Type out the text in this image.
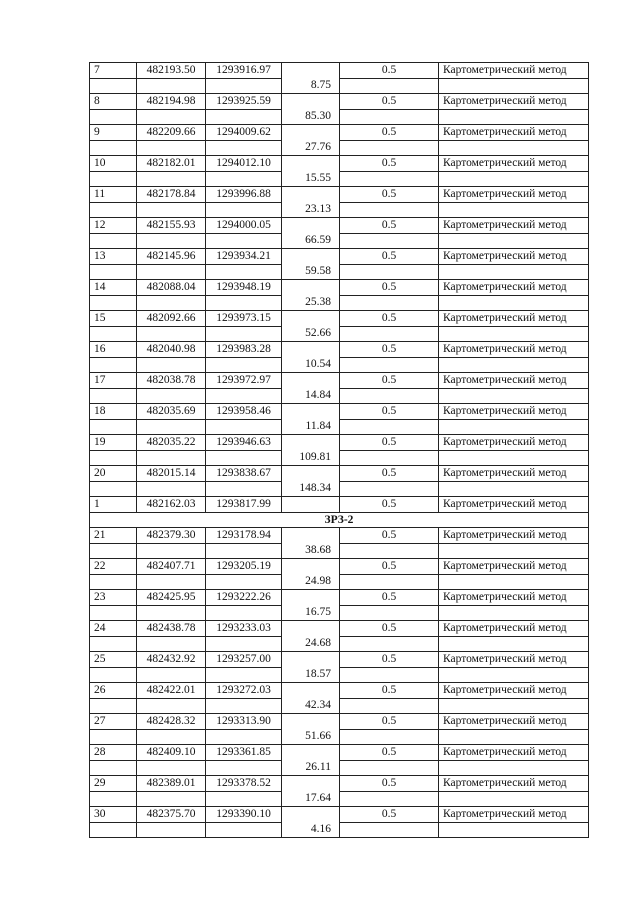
7	482193.50	1293916.97		0.5	Картометрический метод
			8.75		
8	482194.98	1293925.59		0.5	Картометрический метод
			85.30		
9	482209.66	1294009.62		0.5	Картометрический метод
			27.76		
10	482182.01	1294012.10		0.5	Картометрический метод
			15.55		
11	482178.84	1293996.88		0.5	Картометрический метод
			23.13		
12	482155.93	1294000.05		0.5	Картометрический метод
			66.59		
13	482145.96	1293934.21		0.5	Картометрический метод
			59.58		
14	482088.04	1293948.19		0.5	Картометрический метод
			25.38		
15	482092.66	1293973.15		0.5	Картометрический метод
			52.66		
16	482040.98	1293983.28		0.5	Картометрический метод
			10.54		
17	482038.78	1293972.97		0.5	Картометрический метод
			14.84		
18	482035.69	1293958.46		0.5	Картометрический метод
			11.84		
19	482035.22	1293946.63		0.5	Картометрический метод
			109.81		
20	482015.14	1293838.67		0.5	Картометрический метод
			148.34		
1	482162.03	1293817.99		0.5	Картометрический метод
ЗРЗ-2					
21	482379.30	1293178.94		0.5	Картометрический метод
			38.68		
22	482407.71	1293205.19		0.5	Картометрический метод
			24.98		
23	482425.95	1293222.26		0.5	Картометрический метод
			16.75		
24	482438.78	1293233.03		0.5	Картометрический метод
			24.68		
25	482432.92	1293257.00		0.5	Картометрический метод
			18.57		
26	482422.01	1293272.03		0.5	Картометрический метод
			42.34		
27	482428.32	1293313.90		0.5	Картометрический метод
			51.66		
28	482409.10	1293361.85		0.5	Картометрический метод
			26.11		
29	482389.01	1293378.52		0.5	Картометрический метод
			17.64		
30	482375.70	1293390.10		0.5	Картометрический метод
			4.16		
